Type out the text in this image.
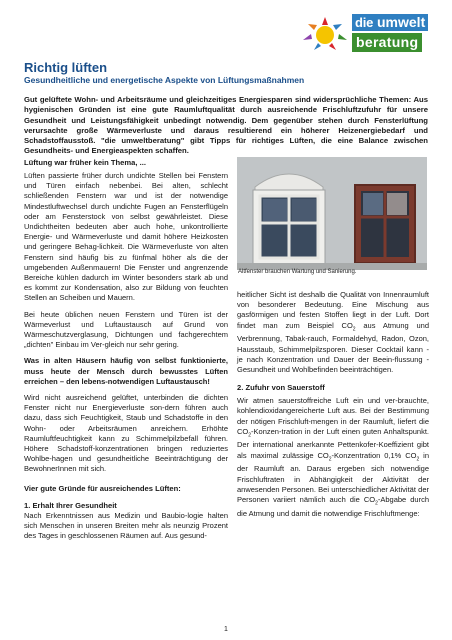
die umwelt
beratung
Richtig lüften
Gesundheitliche und energetische Aspekte von Lüftungsmaßnahmen

Gut gelüftete Wohn- und Arbeitsräume und gleichzeitiges Energiesparen sind widersprüchliche Themen: Aus hygienischen Gründen ist eine gute Raumluftqualität durch ausreichende Frischluftzufuhr für unsere Gesundheit und Leistungsfähigkeit unbedingt notwendig. Dem gegenüber stehen durch Fensterlüftung verursachte große Wärmeverluste und daraus resultierend ein höherer Heizenergiebedarf und Schadstoffausstoß. "die umweltberatung" gibt Tipps für richtiges Lüften, die eine Balance zwischen Gesundheits- und Energieaspekten schaffen.

Lüftung war früher kein Thema, ...

Lüften passierte früher durch undichte Stellen bei Fenstern und Türen einfach nebenbei. Bei alten, schlecht schließenden Fenstern war und ist der notwendige Mindestluftwechsel durch undichte Fugen an Fensterflügeln oder am Fensterstock von selbst gewährleistet. Diese Undichtheiten bedeuten aber auch hohe, unkontrollierte Energie- und Wärmeverluste und damit höhere Heizkosten und geringere Behag-lichkeit. Die Wärmeverluste von alten Fenstern sind häufig bis zu fünfmal höher als die der umgebenden Außenmauern! Die Fenster und angrenzende Bereiche kühlen dadurch im Winter besonders stark ab und es kommt zur Kondensation, also zur Bildung von feuchten Stellen an Scheiben und Mauern.

Bei heute üblichen neuen Fenstern und Türen ist der Wärmeverlust und Luftaustausch auf Grund von Wärmeschutzverglasung, Dichtungen und fachgerechtem „dichten" Einbau im Ver-gleich nur sehr gering.

Was in alten Häusern häufig von selbst funktionierte, muss heute der Mensch durch bewusstes Lüften erreichen – den lebens-notwendigen Luftaustausch!

Wird nicht ausreichend gelüftet, unterbinden die dichten Fenster nicht nur Energieverluste son-dern führen auch dazu, dass sich Feuchtigkeit, Staub und Schadstoffe in den Wohn- oder Arbeitsräumen anreichern. Erhöhte Raumluftfeuchtigkeit kann zu Schimmelpilzbefall führen. Höhere Schadstoff-konzentrationen bringen reduziertes Wohlbe-hagen und gesundheitliche Beeinträchtigung der BewohnerInnen mit sich.

Vier gute Gründe für ausreichendes Lüften:
1. Erhalt Ihrer Gesundheit

Nach Erkenntnissen aus Medizin und Baubio-logie halten sich Menschen in unseren Breiten mehr als neunzig Prozent des Tages in geschlossenen Räumen auf. Aus gesund-

Altfenster brauchen Wartung und Sanierung.

heitlicher Sicht ist deshalb die Qualität von Innenraumluft von besonderer Bedeutung. Eine Mischung aus gasförmigen und festen Stoffen liegt in der Luft. Dort findet man zum Beispiel $CO_2$ aus Atmung und Verbrennung, Tabak-rauch, Formaldehyd, Radon, Ozon, Hausstaub, Schimmelpilzsporen. Dieser Cocktail kann - je nach Konzentration und Dauer der Beein-flussung - Gesundheit und Wohlbefinden beeinträchtigen.

2. Zufuhr von Sauerstoff

Wir atmen sauerstoffreiche Luft ein und ver-brauchte, kohlendioxidangereicherte Luft aus. Bei der Bestimmung der nötigen Frischluft-mengen in der Raumluft, liefert die $CO_2-Konzen$-tration in der Luft einen guten Anhaltspunkt. Der international anerkannte Pettenkofer-Koeffizient gibt als maximal zulässige $CO_2$-Konzentration 0,1% $CO_2$ in der Raumluft an. Daraus ergeben sich notwendige Frischluftraten in Abhängigkeit der Aktivität der anwesenden Personen. Bei unterschiedlicher Aktivität der Personen variiert nämlich auch die $CO_2$-Abgabe durch die Atmung und damit die notwendige Frischluftmenge:

1
